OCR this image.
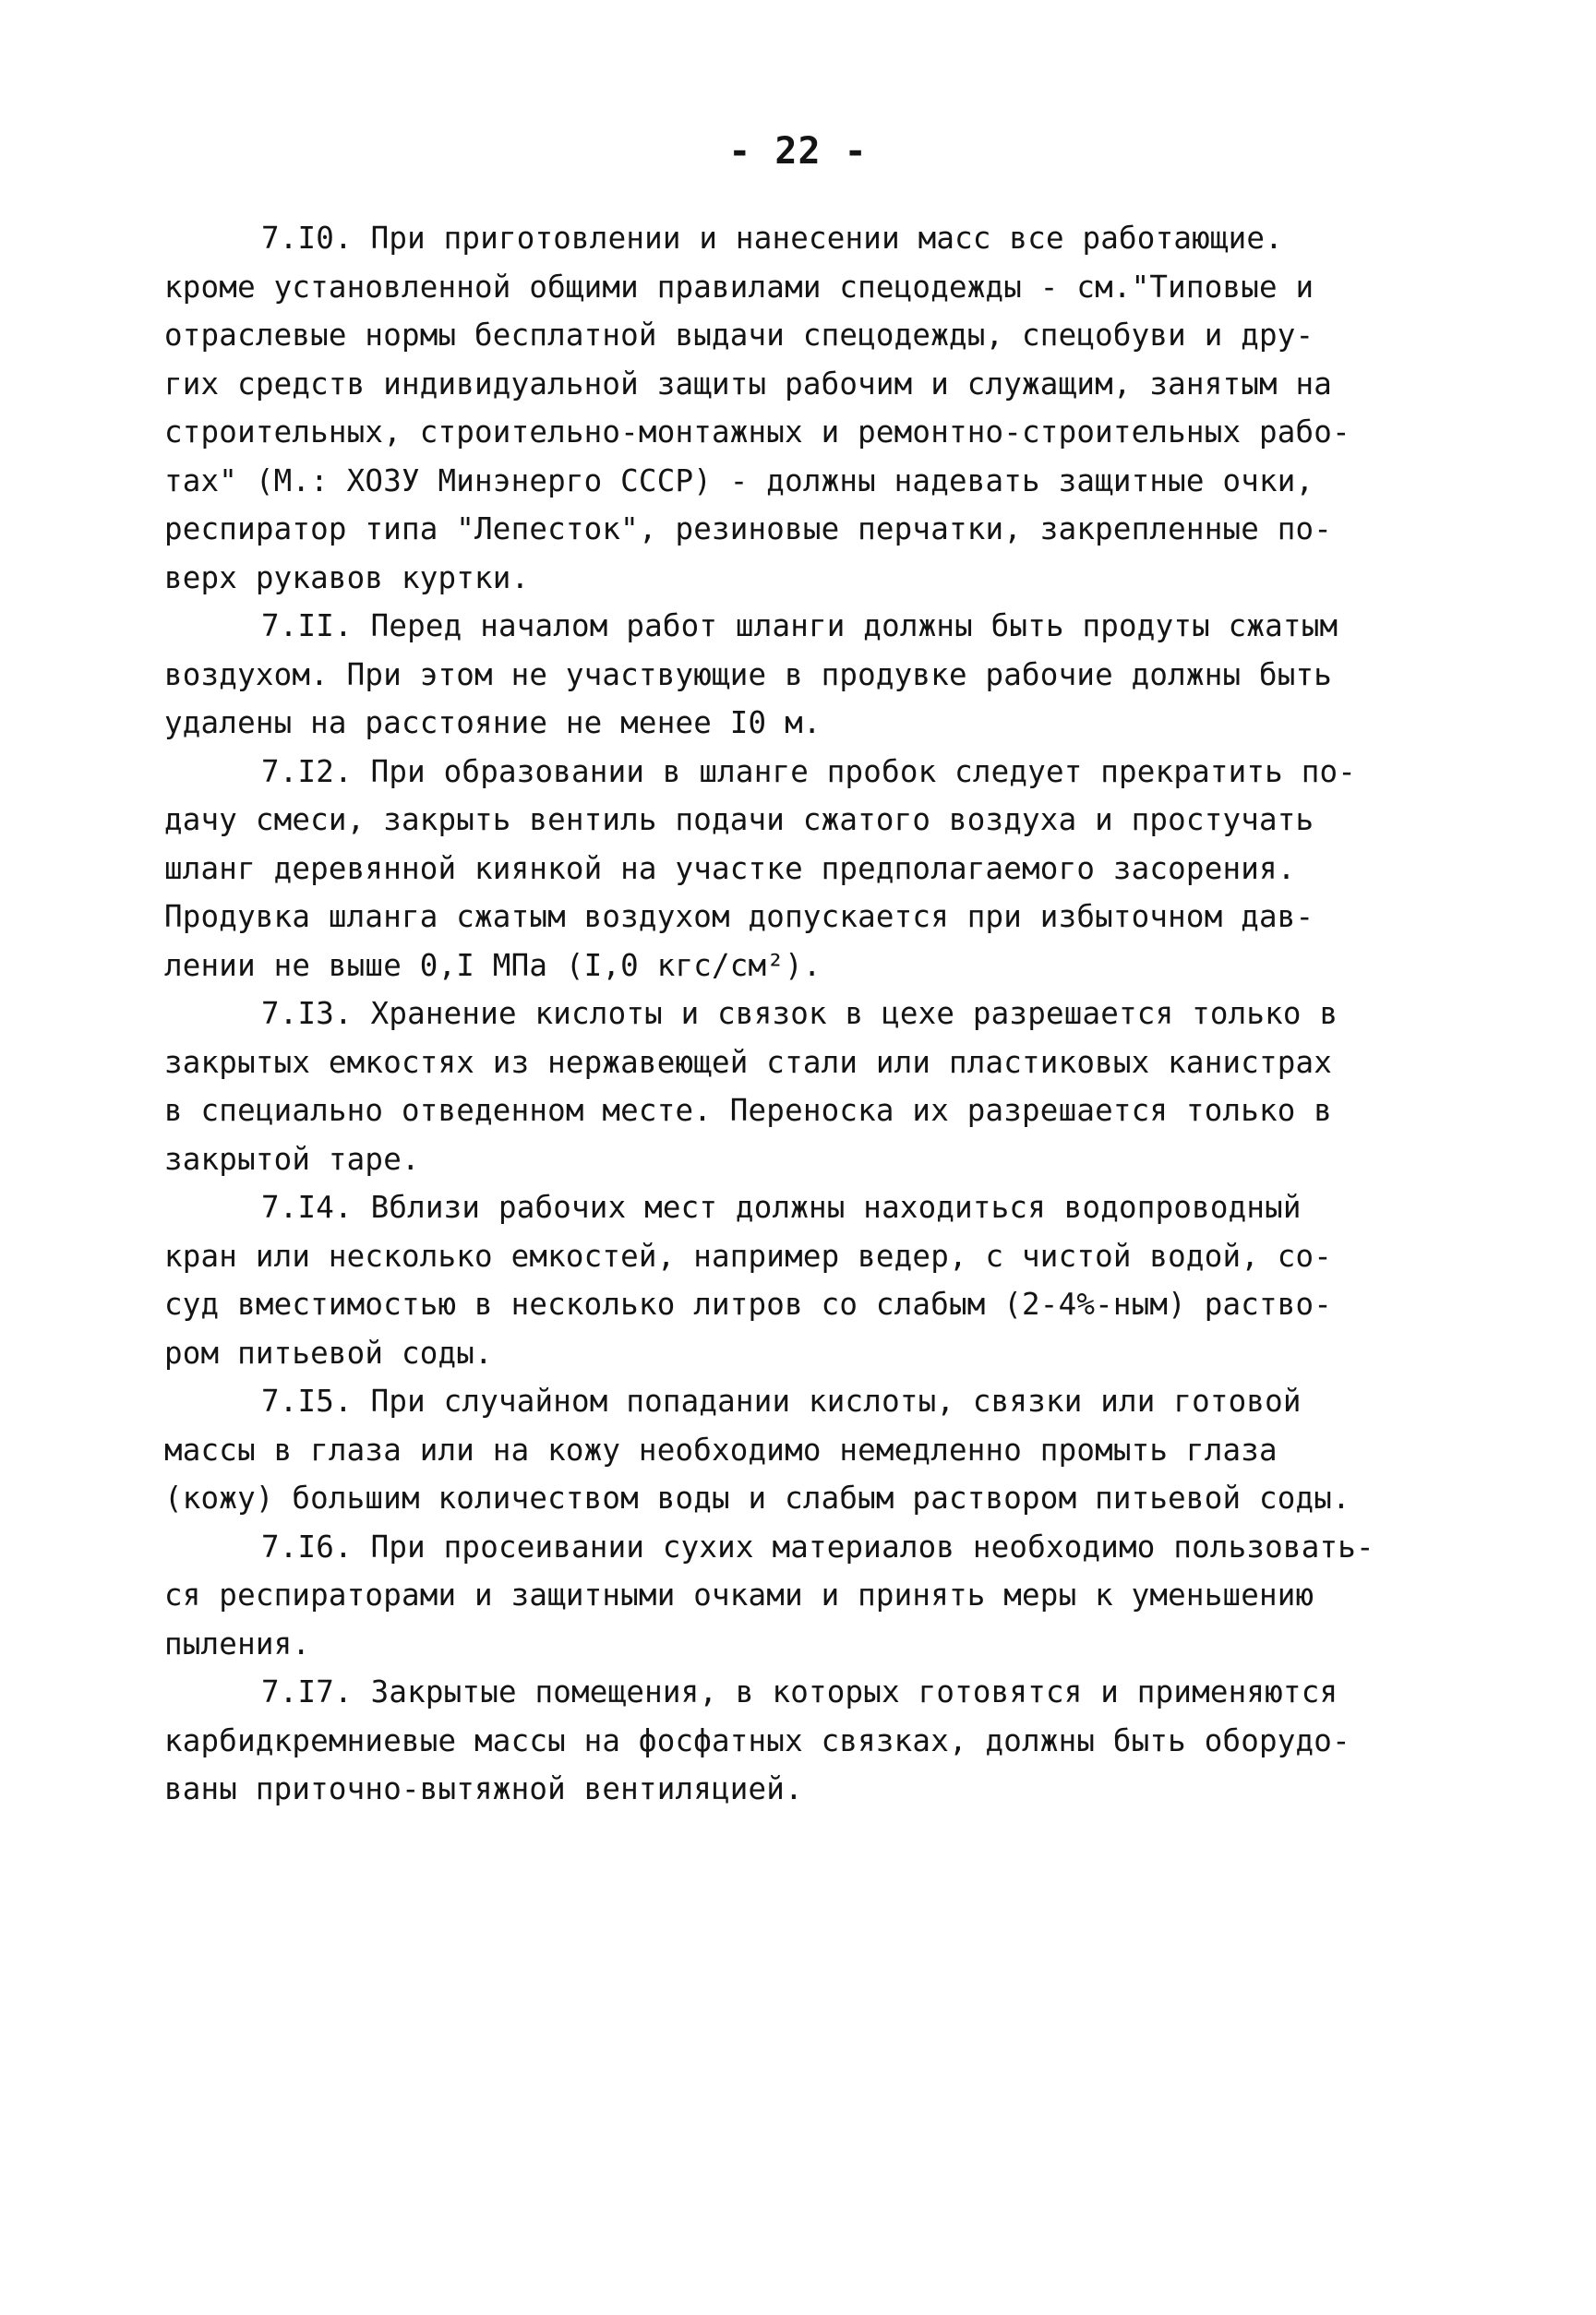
- 22 -
7.I0. При приготовлении и нанесении масс все работающие.
кроме установленной общими правилами спецодежды - см."Типовые и
отраслевые нормы бесплатной выдачи спецодежды, спецобуви и дру-
гих средств индивидуальной защиты рабочим и служащим, занятым на
строительных, строительно-монтажных и ремонтно-строительных рабо-
тах" (М.: ХОЗУ Минэнерго СССР) - должны надевать защитные очки,
респиратор типа "Лепесток", резиновые перчатки, закрепленные по-
верх рукавов куртки.
7.II. Перед началом работ шланги должны быть продуты сжатым
воздухом. При этом не участвующие в продувке рабочие должны быть
удалены на расстояние не менее I0 м.
7.I2. При образовании в шланге пробок следует прекратить по-
дачу смеси, закрыть вентиль подачи сжатого воздуха и простучать
шланг деревянной киянкой на участке предполагаемого засорения.
Продувка шланга сжатым воздухом допускается при избыточном дав-
лении не выше 0,I МПа (I,0 кгс/см²).
7.I3. Хранение кислоты и связок в цехе разрешается только в
закрытых емкостях из нержавеющей стали или пластиковых канистрах
в специально отведенном месте. Переноска их разрешается только в
закрытой таре.
7.I4. Вблизи рабочих мест должны находиться водопроводный
кран или несколько емкостей, например ведер, с чистой водой, со-
суд вместимостью в несколько литров со слабым (2-4%-ным) раство-
ром питьевой соды.
7.I5. При случайном попадании кислоты, связки или готовой
массы в глаза или на кожу необходимо немедленно промыть глаза
(кожу) большим количеством воды и слабым раствором питьевой соды.
7.I6. При просеивании сухих материалов необходимо пользовать-
ся респираторами и защитными очками и принять меры к уменьшению
пыления.
7.I7. Закрытые помещения, в которых готовятся и применяются
карбидкремниевые массы на фосфатных связках, должны быть оборудо-
ваны приточно-вытяжной вентиляцией.
